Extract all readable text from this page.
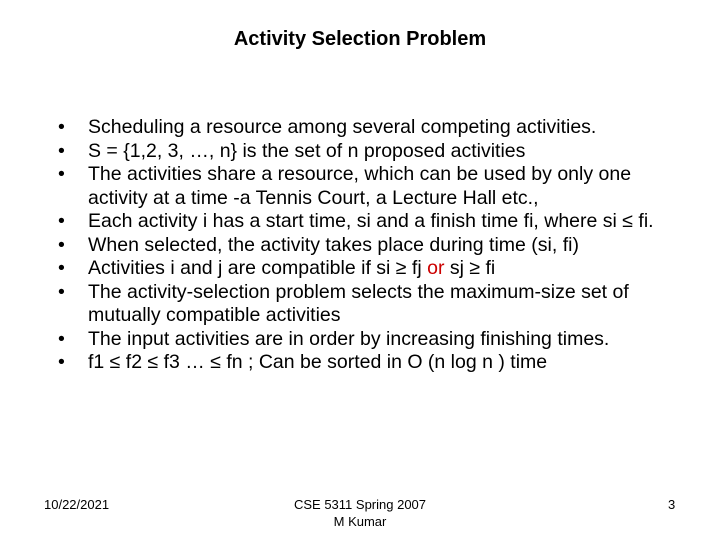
Activity Selection Problem
• Scheduling a resource among several competing activities.
• S = {1,2, 3, …, n} is the set of n proposed activities
• The activities share a resource, which can be used by only one activity at a time -a Tennis Court, a Lecture Hall etc.,
• Each activity i has a start time, si and a finish time fi, where si ≤ fi.
• When selected, the activity takes place during time (si, fi)
• Activities i and j are compatible if si ≥ fj or sj ≥ fi
• The activity-selection problem selects the maximum-size set of mutually compatible activities
• The input activities are in order by increasing finishing times.
• f1 ≤ f2 ≤ f3 … ≤ fn ; Can be sorted in O (n log n ) time
10/22/2021	CSE 5311 Spring 2007
M Kumar
3
